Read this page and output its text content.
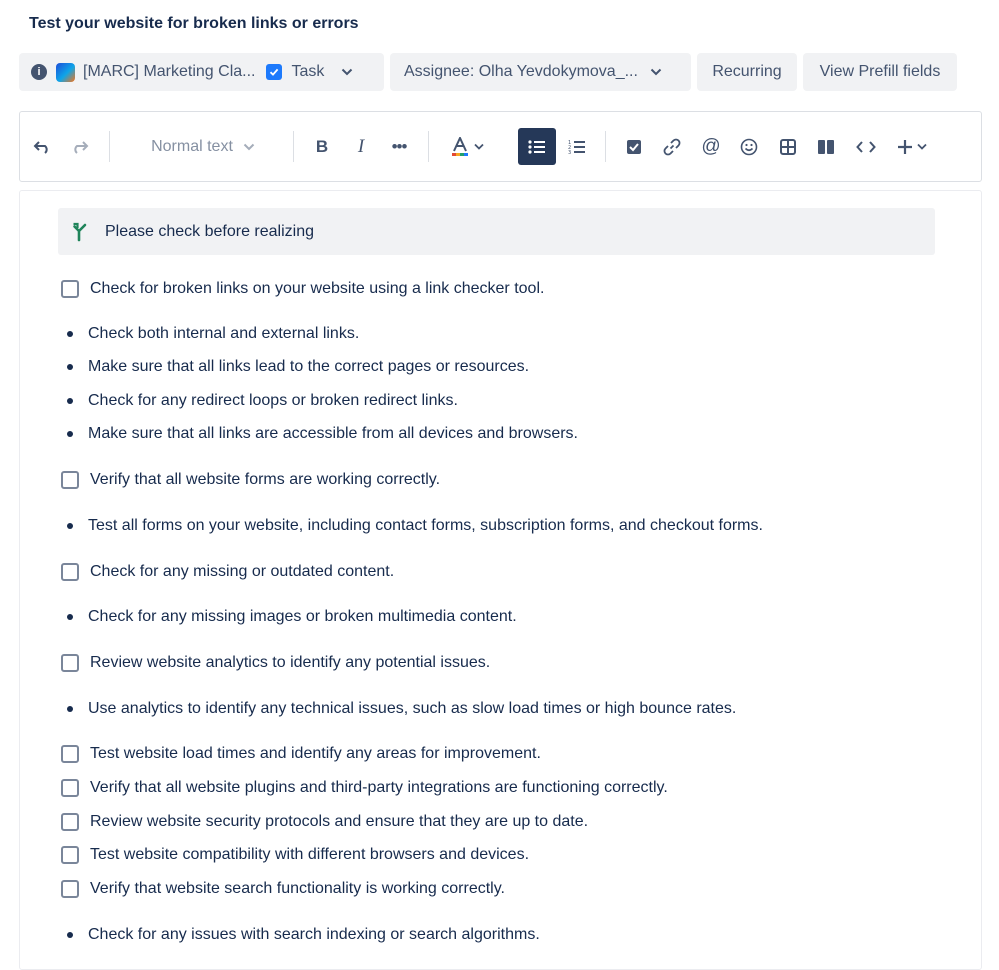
Test your website for broken links or errors
i	[MARC] Marketing Cla... Task	Assignee: Olha Yevdokymova_...	Recurring View Prefill fields
Normal text	B I •••	1
2
3	@
Please check before realizing
Check for broken links on your website using a link checker tool.
Check both internal and external links.
Make sure that all links lead to the correct pages or resources.
Check for any redirect loops or broken redirect links.
Make sure that all links are accessible from all devices and browsers.
Verify that all website forms are working correctly.
Test all forms on your website, including contact forms, subscription forms, and checkout forms.
Check for any missing or outdated content.
Check for any missing images or broken multimedia content.
Review website analytics to identify any potential issues.
Use analytics to identify any technical issues, such as slow load times or high bounce rates.
Test website load times and identify any areas for improvement.
Verify that all website plugins and third-party integrations are functioning correctly.
Review website security protocols and ensure that they are up to date.
Test website compatibility with different browsers and devices.
Verify that website search functionality is working correctly.
Check for any issues with search indexing or search algorithms.
